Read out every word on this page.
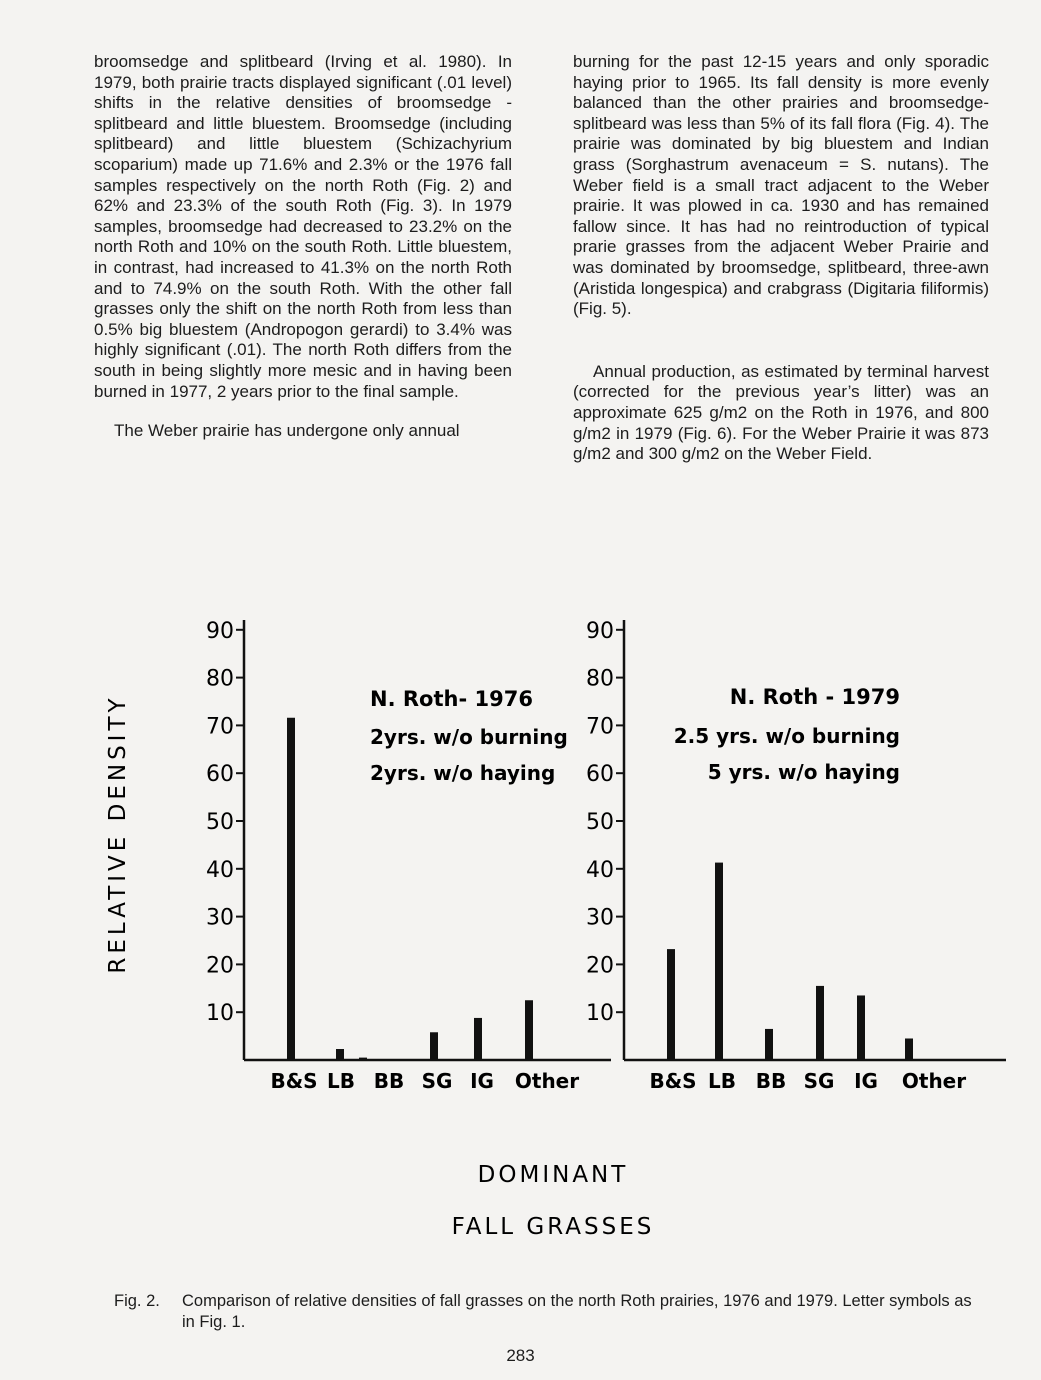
broomsedge and splitbeard (Irving et al. 1980). In 1979, both prairie tracts displayed significant (.01 level) shifts in the relative densities of broomsedge - splitbeard and little bluestem. Broomsedge (including splitbeard) and little bluestem (Schizachyrium scoparium) made up 71.6% and 2.3% or the 1976 fall samples respectively on the north Roth (Fig. 2) and 62% and 23.3% of the south Roth (Fig. 3). In 1979 samples, broomsedge had decreased to 23.2% on the north Roth and 10% on the south Roth. Little bluestem, in contrast, had increased to 41.3% on the north Roth and to 74.9% on the south Roth. With the other fall grasses only the shift on the north Roth from less than 0.5% big bluestem (Andropogon gerardi) to 3.4% was highly significant (.01). The north Roth differs from the south in being slightly more mesic and in having been burned in 1977, 2 years prior to the final sample.

The Weber prairie has undergone only annual

burning for the past 12-15 years and only sporadic haying prior to 1965. Its fall density is more evenly balanced than the other prairies and broomsedge-splitbeard was less than 5% of its fall flora (Fig. 4). The prairie was dominated by big bluestem and Indian grass (Sorghastrum avenaceum = S. nutans). The Weber field is a small tract adjacent to the Weber prairie. It was plowed in ca. 1930 and has remained fallow since. It has had no reintroduction of typical prarie grasses from the adjacent Weber Prairie and was dominated by broomsedge, splitbeard, three-awn (Aristida longespica) and crabgrass (Digitaria filiformis) (Fig. 5).

Annual production, as estimated by terminal harvest (corrected for the previous year’s litter) was an approximate 625 g/m2 on the Roth in 1976, and 800 g/m2 in 1979 (Fig. 6). For the Weber Prairie it was 873 g/m2 and 300 g/m2 on the Weber Field.

10
20
30
40
50
60
70
80
90
B&S LB BB SG IG Other
N. Roth- 1976
2yrs. w/o burning
2yrs. w/o haying
10
20
30
40
50
60
70
80
90
B&S LB BB SG IG Other
N. Roth - 1979
2.5 yrs. w/o burning
5 yrs. w/o haying
RELATIVE DENSITY
DOMINANT
FALL GRASSES
Fig. 2. Comparison of relative densities of fall grasses on the north Roth prairies, 1976 and 1979. Letter symbols as in Fig. 1.
283
